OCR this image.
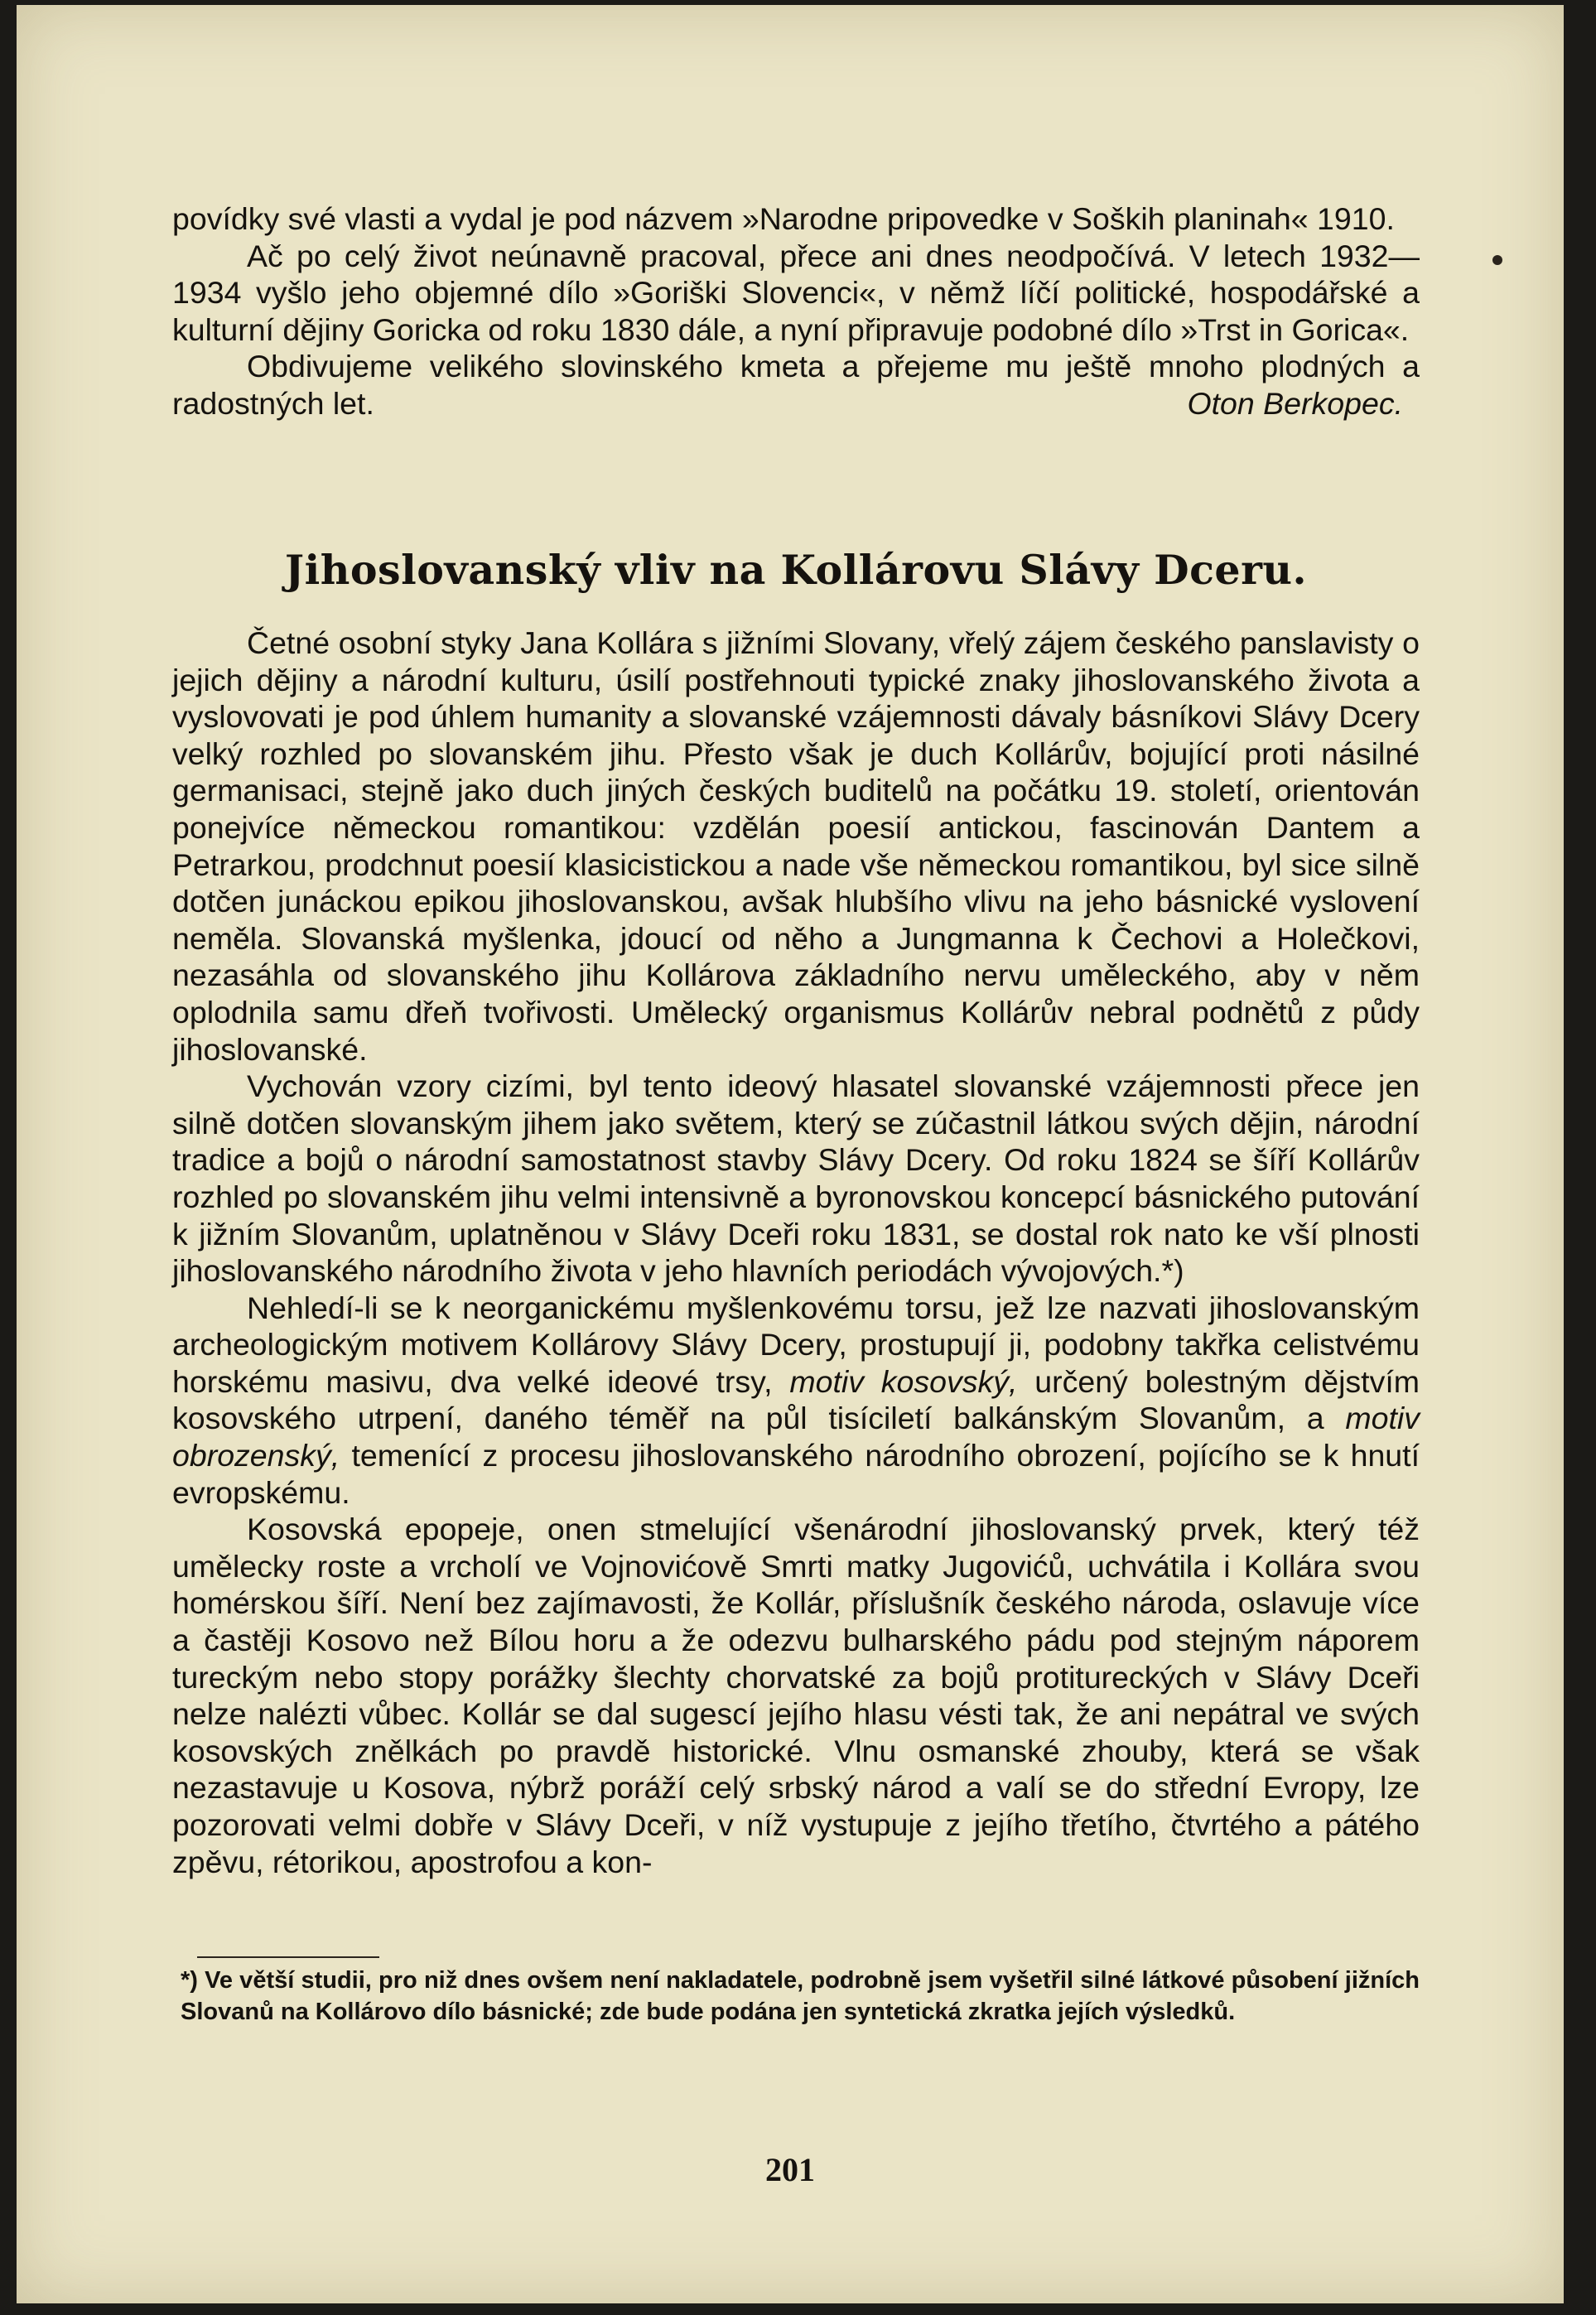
povídky své vlasti a vydal je pod názvem »Narodne pripovedke v Soških planinah« 1910.

Ač po celý život neúnavně pracoval, přece ani dnes neodpočívá. V letech 1932—1934 vyšlo jeho objemné dílo »Goriški Slovenci«, v němž líčí politické, hospodářské a kulturní dějiny Goricka od roku 1830 dále, a nyní připravuje podobné dílo »Trst in Gorica«.

Obdivujeme velikého slovinského kmeta a přejeme mu ještě mnoho plodných a radostných let.	Oton Berkopec.

Jihoslovanský vliv na Kollárovu Slávy Dceru.

Četné osobní styky Jana Kollára s jižními Slovany, vřelý zájem českého panslavisty o jejich dějiny a národní kulturu, úsilí postřehnouti typické znaky jihoslovanského života a vyslovovati je pod úhlem humanity a slovanské vzájemnosti dávaly básníkovi Slávy Dcery velký rozhled po slovanském jihu. Přesto však je duch Kollárův, bojující proti násilné germanisaci, stejně jako duch jiných českých buditelů na počátku 19. století, orientován ponejvíce německou romantikou: vzdělán poesií antickou, fascinován Dantem a Petrarkou, prodchnut poesií klasicistickou a nade vše německou romantikou, byl sice silně dotčen junáckou epikou jihoslovanskou, avšak hlubšího vlivu na jeho básnické vyslovení neměla. Slovanská myšlenka, jdoucí od něho a Jungmanna k Čechovi a Holečkovi, nezasáhla od slovanského jihu Kollárova základního nervu uměleckého, aby v něm oplodnila samu dřeň tvořivosti. Umělecký organismus Kollárův nebral podnětů z půdy jihoslovanské.

Vychován vzory cizími, byl tento ideový hlasatel slovanské vzájemnosti přece jen silně dotčen slovanským jihem jako světem, který se zúčastnil látkou svých dějin, národní tradice a bojů o národní samostatnost stavby Slávy Dcery. Od roku 1824 se šíří Kollárův rozhled po slovanském jihu velmi intensivně a byronovskou koncepcí básnického putování k jižním Slovanům, uplatněnou v Slávy Dceři roku 1831, se dostal rok nato ke vší plnosti jihoslovanského národního života v jeho hlavních periodách vývojových.*)

Nehledí-li se k neorganickému myšlenkovému torsu, jež lze nazvati jihoslovanským archeologickým motivem Kollárovy Slávy Dcery, prostupují ji, podobny takřka celistvému horskému masivu, dva velké ideové trsy, motiv kosovský, určený bolestným dějstvím kosovského utrpení, daného téměř na půl tisíciletí balkánským Slovanům, a motiv obrozenský, temenící z procesu jihoslovanského národního obrození, pojícího se k hnutí evropskému.

Kosovská epopeje, onen stmelující všenárodní jihoslovanský prvek, který též umělecky roste a vrcholí ve Vojnovićově Smrti matky Jugovićů, uchvátila i Kollára svou homérskou šíří. Není bez zajímavosti, že Kollár, příslušník českého národa, oslavuje více a častěji Kosovo než Bílou horu a že odezvu bulharského pádu pod stejným náporem tureckým nebo stopy porážky šlechty chorvatské za bojů protitureckých v Slávy Dceři nelze nalézti vůbec. Kollár se dal sugescí jejího hlasu vésti tak, že ani nepátral ve svých kosovských znělkách po pravdě historické. Vlnu osmanské zhouby, která se však nezastavuje u Kosova, nýbrž poráží celý srbský národ a valí se do střední Evropy, lze pozorovati velmi dobře v Slávy Dceři, v níž vystupuje z jejího třetího, čtvrtého a pátého zpěvu, rétorikou, apostrofou a kon-

*) Ve větší studii, pro niž dnes ovšem není nakladatele, podrobně jsem vyšetřil silné látkové působení jižních Slovanů na Kollárovo dílo básnické; zde bude podána jen syntetická zkratka jejích výsledků.
201
